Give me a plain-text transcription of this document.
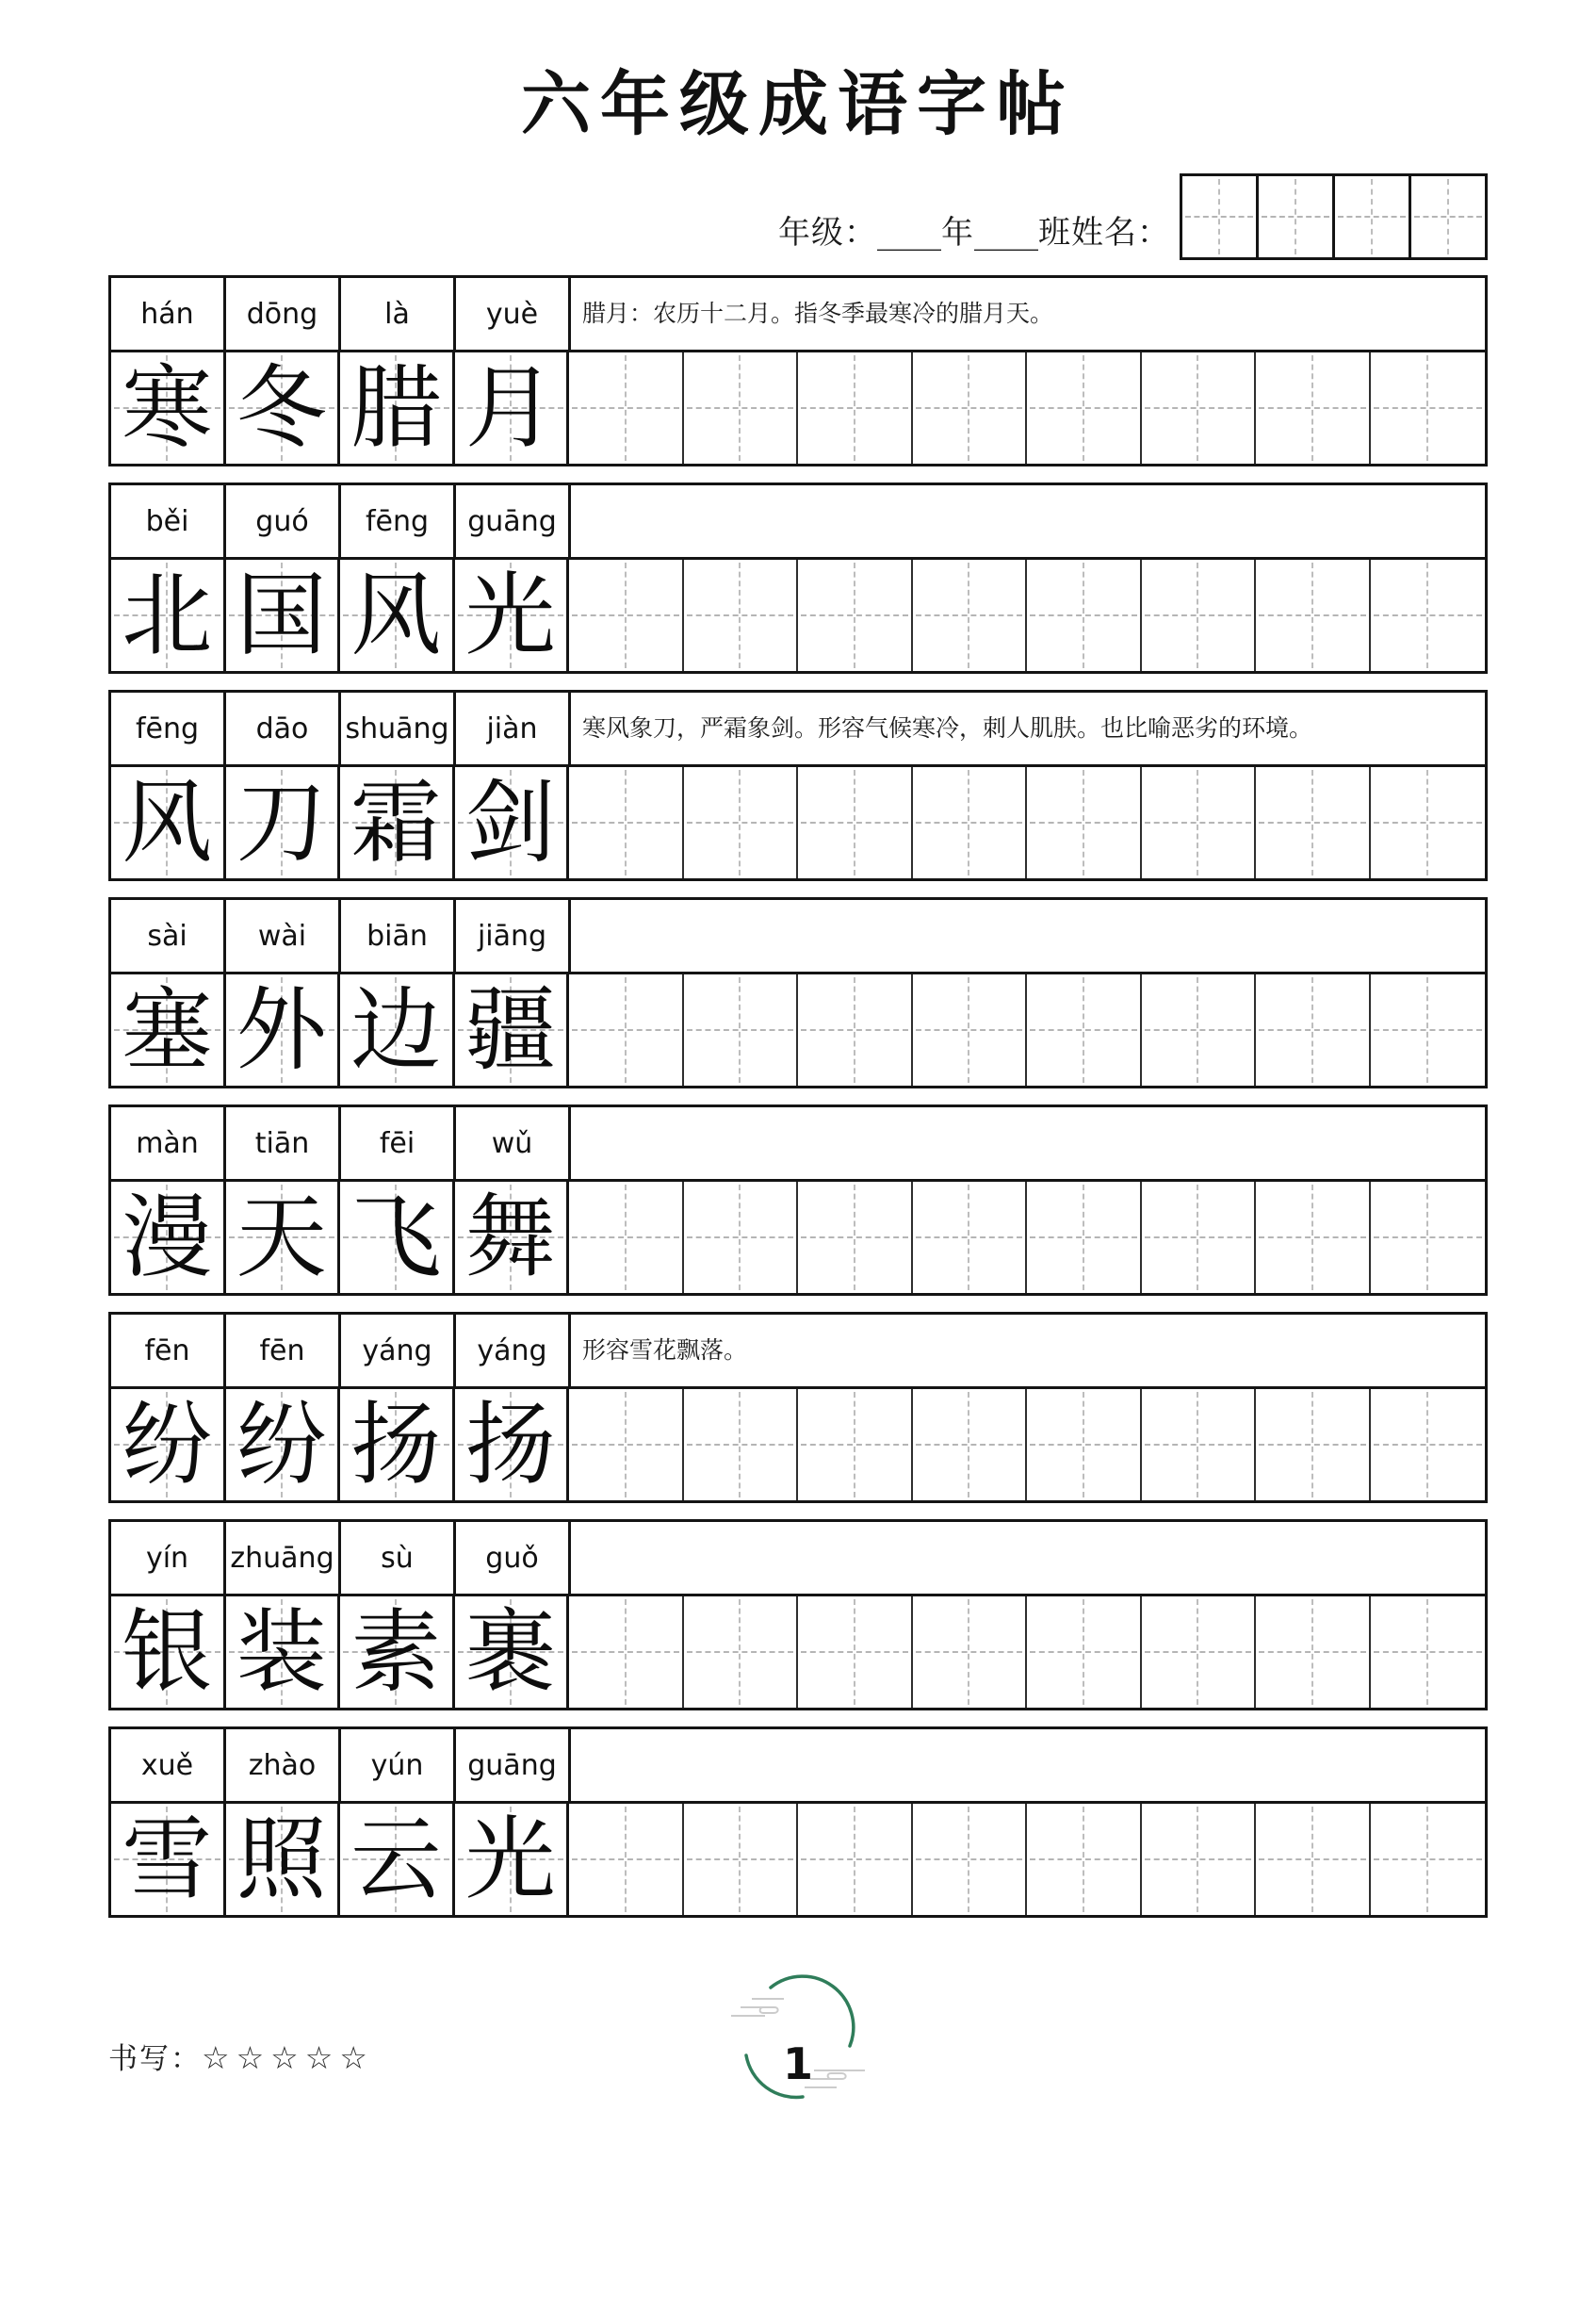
六年级成语字帖
年级：____年____班姓名：
hán	dōng	là	yuè	腊月：农历十二月。指冬季最寒冷的腊月天。
寒 冬 腊 月
běi	guó	fēng	guāng
北 国 风 光
fēng	dāo	shuāng	jiàn	寒风象刀，严霜象剑。形容气候寒冷，刺人肌肤。也比喻恶劣的环境。
风 刀 霜 剑
sài	wài	biān	jiāng
塞 外 边 疆
màn	tiān	fēi	wǔ
漫 天 飞 舞
fēn	fēn	yáng	yáng	形容雪花飘落。
纷 纷 扬 扬
yín	zhuāng	sù	guǒ
银 装 素 裹
xuě	zhào	yún	guāng
雪 照 云 光
1
书写：☆☆☆☆☆
